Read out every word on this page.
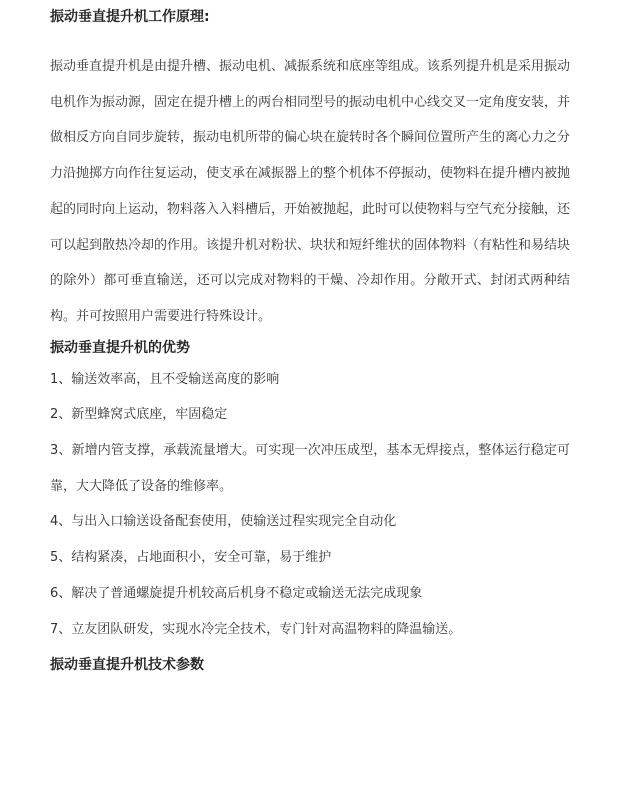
振动垂直提升机工作原理:

振动垂直提升机是由提升槽、振动电机、减振系统和底座等组成。该系列提升机是采用振动电机作为振动源，固定在提升槽上的两台相同型号的振动电机中心线交叉一定角度安装，并做相反方向自同步旋转，振动电机所带的偏心块在旋转时各个瞬间位置所产生的离心力之分力沿抛掷方向作往复运动，使支承在减振器上的整个机体不停振动，使物料在提升槽内被抛起的同时向上运动，物料落入入料槽后，开始被抛起，此时可以使物料与空气充分接触，还可以起到散热冷却的作用。该提升机对粉状、块状和短纤维状的固体物料（有粘性和易结块的除外）都可垂直输送，还可以完成对物料的干燥、冷却作用。分敞开式、封闭式两种结构。并可按照用户需要进行特殊设计。

振动垂直提升机的优势

1、输送效率高，且不受输送高度的影响

2、新型蜂窝式底座，牢固稳定

3、新增内管支撑，承载流量增大。可实现一次冲压成型，基本无焊接点，整体运行稳定可靠，大大降低了设备的维修率。

4、与出入口输送设备配套使用，使输送过程实现完全自动化

5、结构紧凑，占地面积小，安全可靠，易于维护

6、解决了普通螺旋提升机较高后机身不稳定或输送无法完成现象

7、立友团队研发，实现水冷完全技术，专门针对高温物料的降温输送。

振动垂直提升机技术参数
